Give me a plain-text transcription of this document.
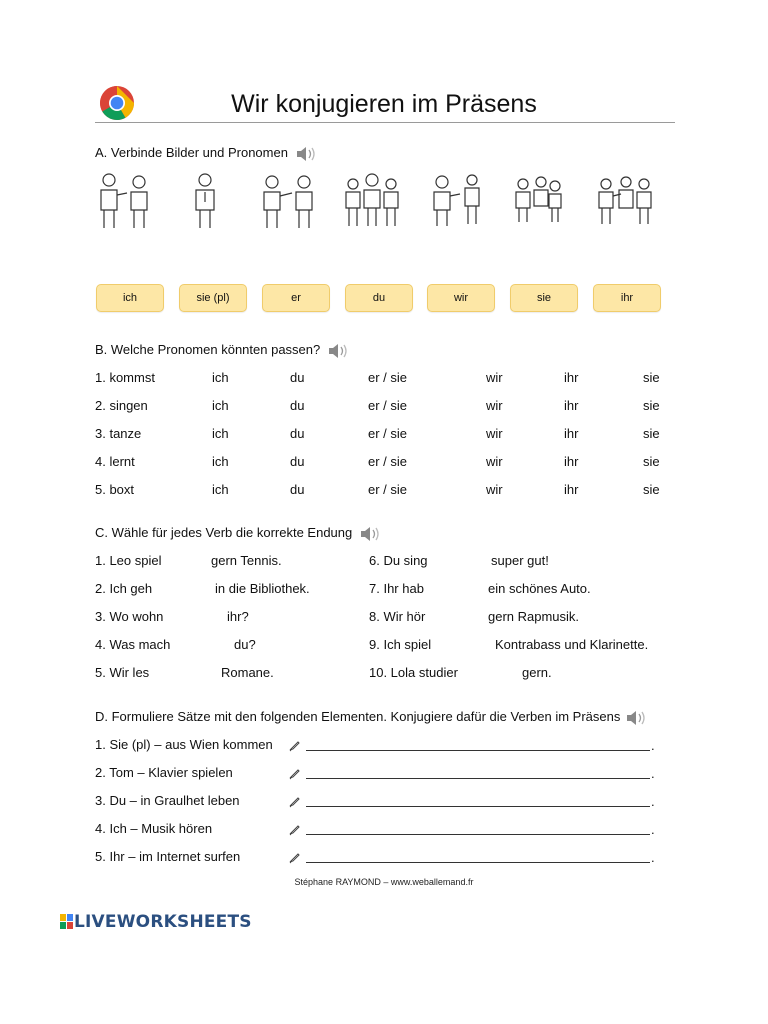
Wir konjugieren im Präsens
A. Verbinde Bilder und Pronomen
ich	sie (pl)	er	du	wir	sie	ihr
B. Welche Pronomen könnten passen?
1. kommst	ich	du	er / sie	wir	ihr	sie
2. singen	ich	du	er / sie	wir	ihr	sie
3. tanze	ich	du	er / sie	wir	ihr	sie
4. lernt	ich	du	er / sie	wir	ihr	sie
5. boxt	ich	du	er / sie	wir	ihr	sie
C. Wähle für jedes Verb die korrekte Endung
1. Leo spiel	gern Tennis.
2. Ich geh	in die Bibliothek.
3. Wo wohn	ihr?
4. Was mach	du?
5. Wir les	Romane.
6. Du sing	super gut!
7. Ihr hab	ein schönes Auto.
8. Wir hör	gern Rapmusik.
9. Ich spiel	Kontrabass und Klarinette.
10. Lola studier	gern.
D. Formuliere Sätze mit den folgenden Elementen. Konjugiere dafür die Verben im Präsens
1. Sie (pl) – aus Wien kommen	.
2. Tom – Klavier spielen	.
3. Du – in Graulhet leben	.
4. Ich – Musik hören	.
5. Ihr – im Internet surfen	.
Stéphane RAYMOND – www.weballemand.fr
LIVEWORKSHEETS
